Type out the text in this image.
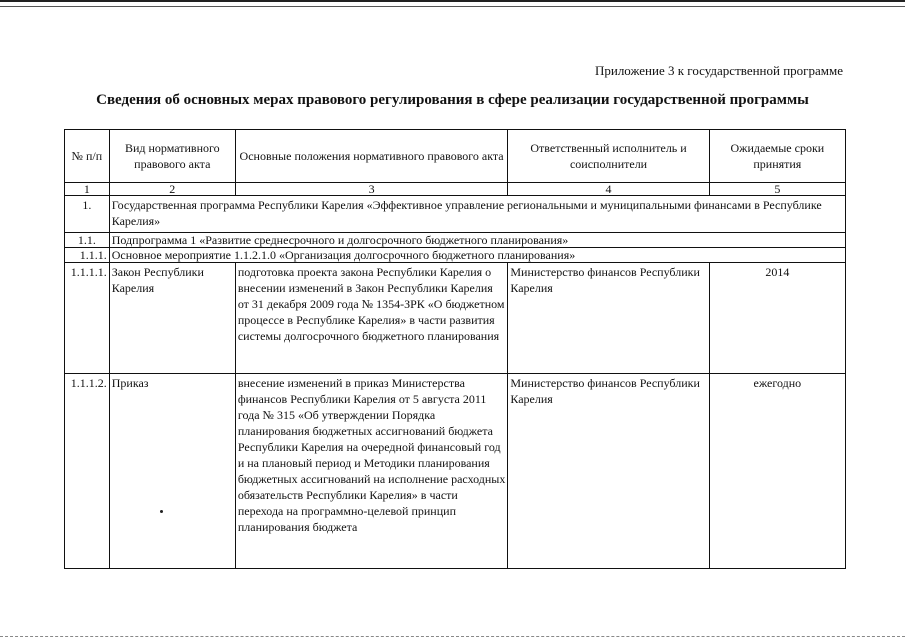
Приложение 3 к государственной программе
Сведения об основных мерах правового регулирования в сфере реализации государственной программы
№ п/п	Вид нормативного правового акта	Основные положения нормативного правового акта	Ответственный исполнитель и соисполнители	Ожидаемые сроки принятия
1	2	3	4	5
1.	Государственная программа Республики Карелия «Эффективное управление региональными и муниципальными финансами в Республике Карелия»			
1.1.	Подпрограмма 1 «Развитие среднесрочного и долгосрочного бюджетного планирования»			
1.1.1.	Основное мероприятие 1.1.2.1.0 «Организация долгосрочного бюджетного планирования»			
1.1.1.1.	Закон Республики Карелия	подготовка проекта закона Республики Карелия о внесении изменений в Закон Республики Карелия от 31 декабря 2009 года № 1354-ЗРК «О бюджетном процессе в Республике Карелия» в части развития системы долгосрочного бюджетного планирования	Министерство финансов Республики Карелия	2014
1.1.1.2.	Приказ	внесение изменений в приказ Министерства финансов Республики Карелия от 5 августа 2011 года № 315 «Об утверждении Порядка планирования бюджетных ассигнований бюджета Республики Карелия на очередной финансовый год и на плановый период и Методики планирования бюджетных ассигнований на исполнение расходных обязательств Республики Карелия» в части перехода на программно-целевой принцип планирования бюджета	Министерство финансов Республики Карелия	ежегодно
